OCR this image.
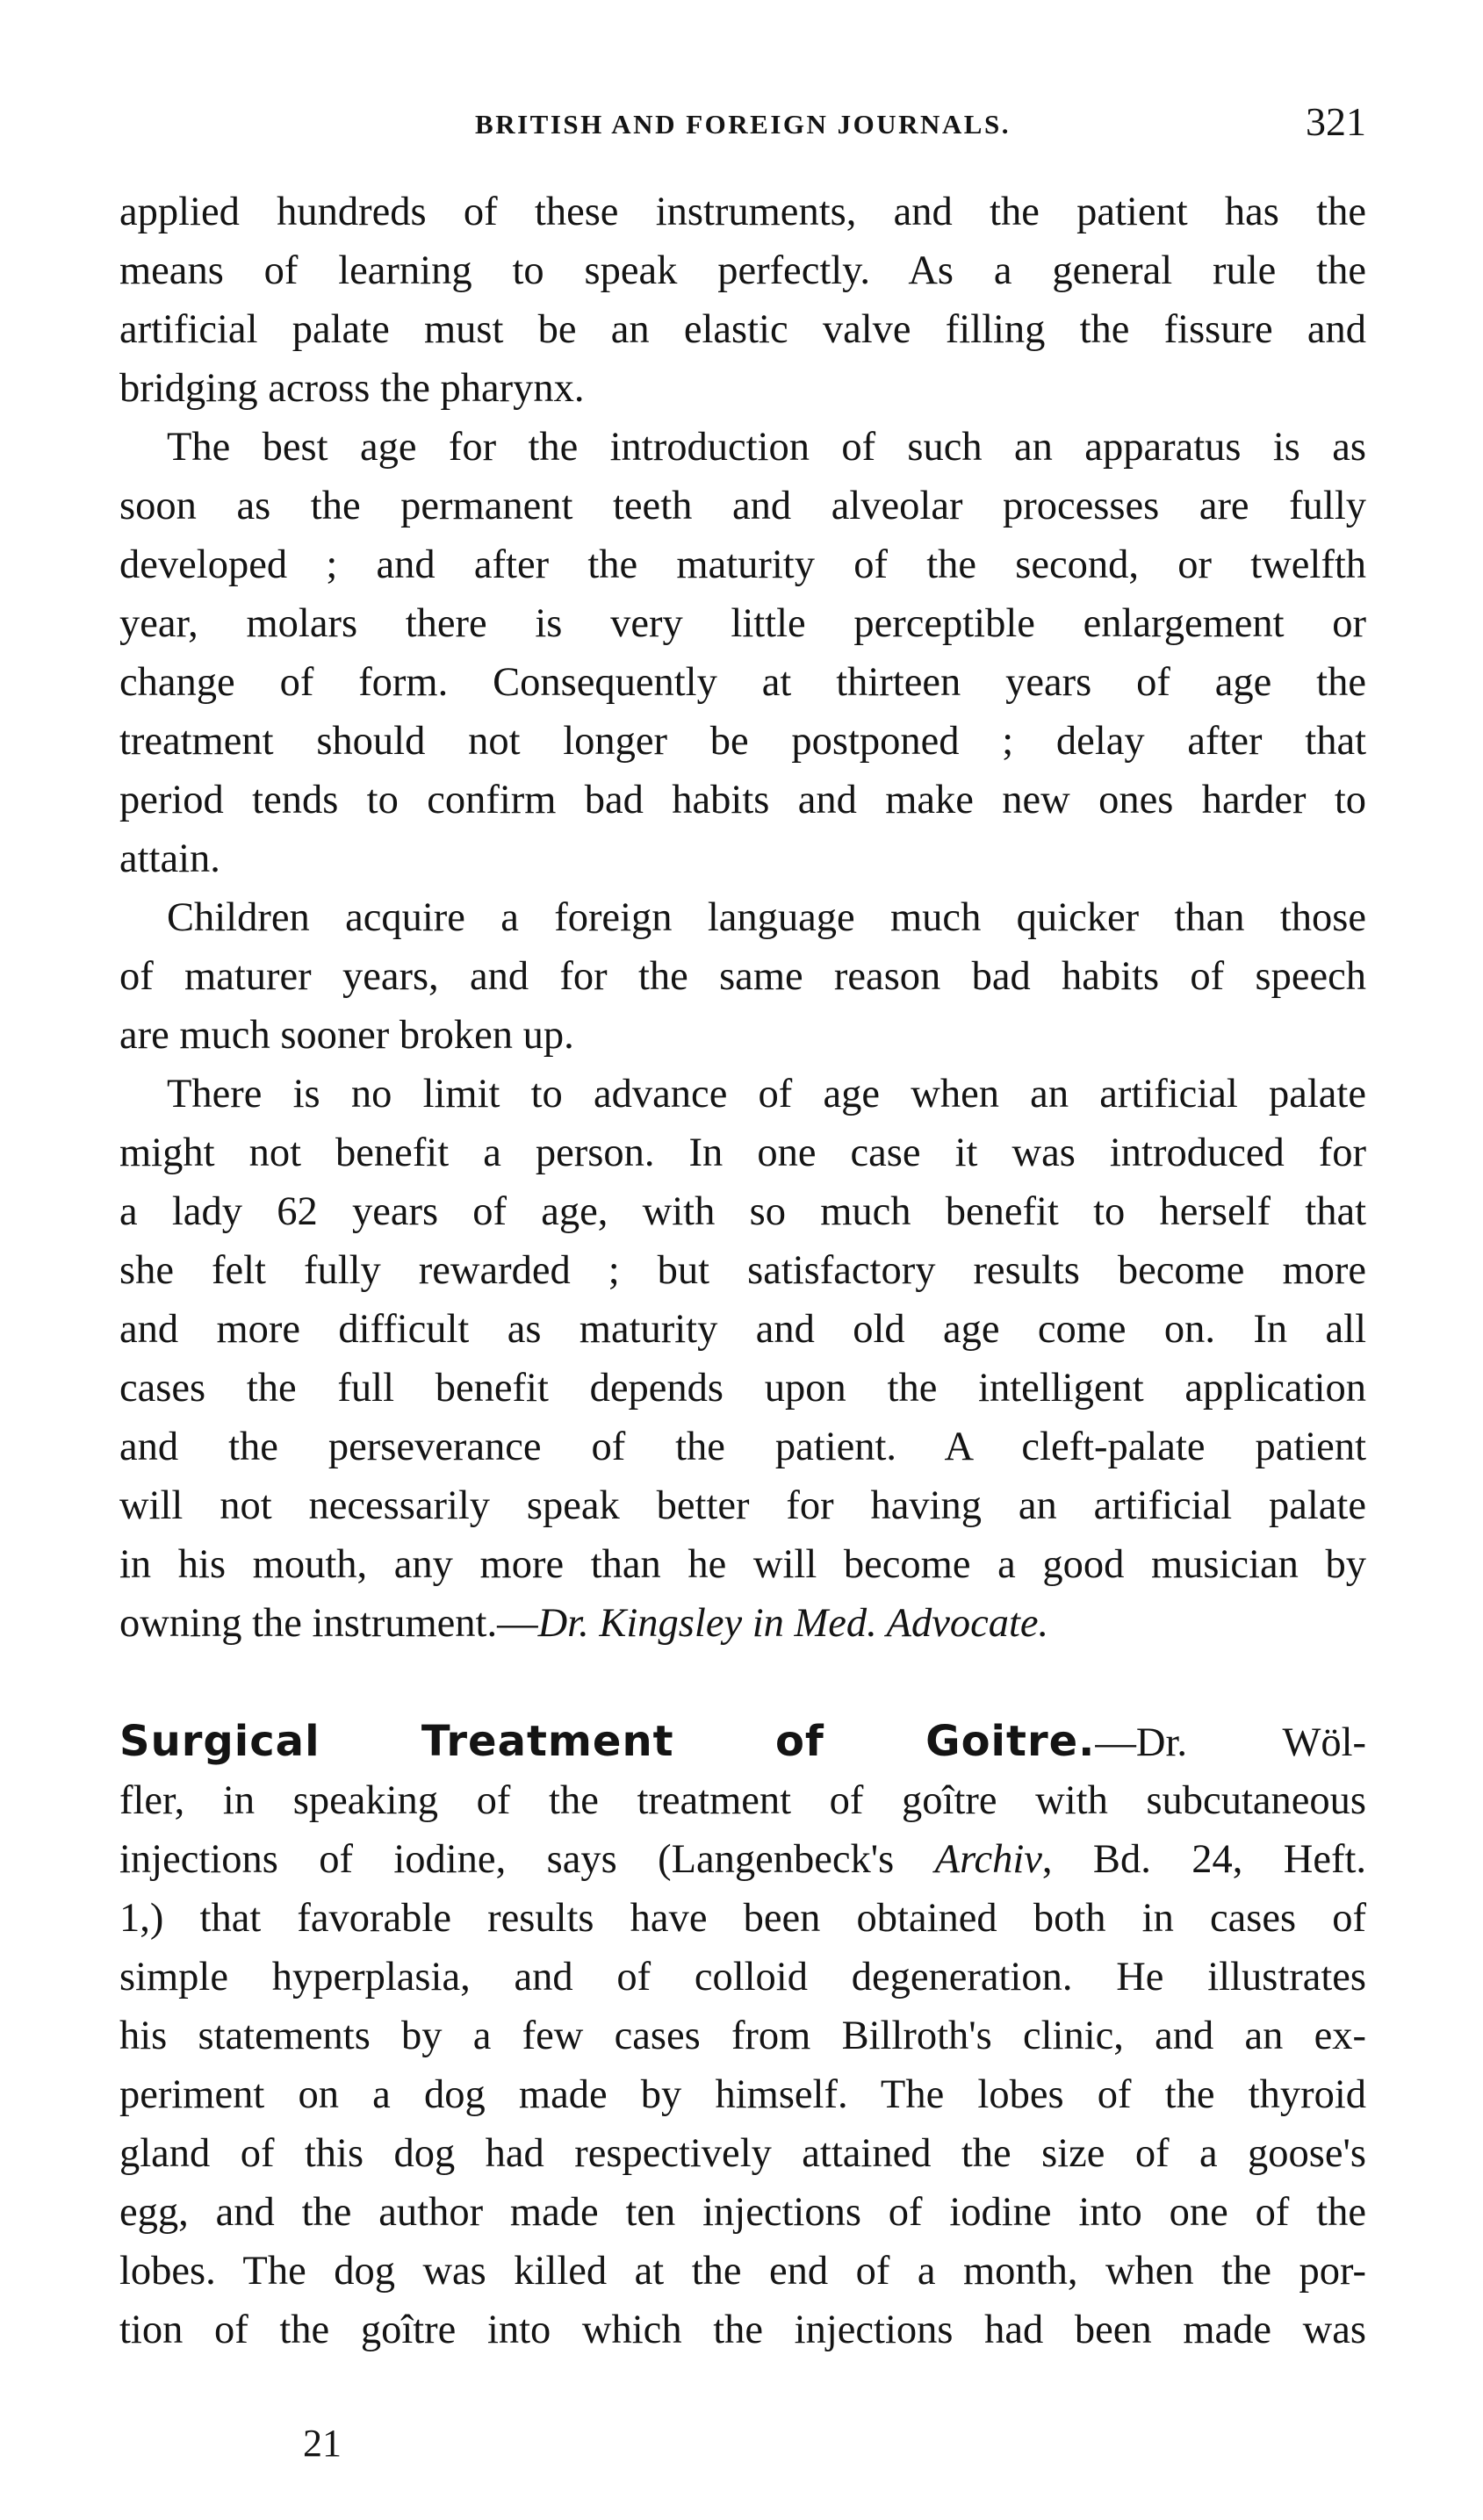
BRITISH AND FOREIGN JOURNALS.	321
applied hundreds of these instruments, and the patient has the
means of learning to speak perfectly. As a general rule the
artificial palate must be an elastic valve filling the fissure and
bridging across the pharynx.
The best age for the introduction of such an apparatus is as
soon as the permanent teeth and alveolar processes are fully
developed ; and after the maturity of the second, or twelfth
year, molars there is very little perceptible enlargement or
change of form. Consequently at thirteen years of age the
treatment should not longer be postponed ; delay after that
period tends to confirm bad habits and make new ones harder to
attain.
Children acquire a foreign language much quicker than those
of maturer years, and for the same reason bad habits of speech
are much sooner broken up.
There is no limit to advance of age when an artificial palate
might not benefit a person. In one case it was introduced for
a lady 62 years of age, with so much benefit to herself that
she felt fully rewarded ; but satisfactory results become more
and more difficult as maturity and old age come on. In all
cases the full benefit depends upon the intelligent application
and the perseverance of the patient. A cleft-palate patient
will not necessarily speak better for having an artificial palate
in his mouth, any more than he will become a good musician by
owning the instrument.—Dr. Kingsley in Med. Advocate.
Surgical Treatment of Goitre.—Dr. Wöl-
fler, in speaking of the treatment of goître with subcutaneous
injections of iodine, says (Langenbeck's Archiv, Bd. 24, Heft.
1,) that favorable results have been obtained both in cases of
simple hyperplasia, and of colloid degeneration. He illustrates
his statements by a few cases from Billroth's clinic, and an ex-
periment on a dog made by himself. The lobes of the thyroid
gland of this dog had respectively attained the size of a goose's
egg, and the author made ten injections of iodine into one of the
lobes. The dog was killed at the end of a month, when the por-
tion of the goître into which the injections had been made was
21
